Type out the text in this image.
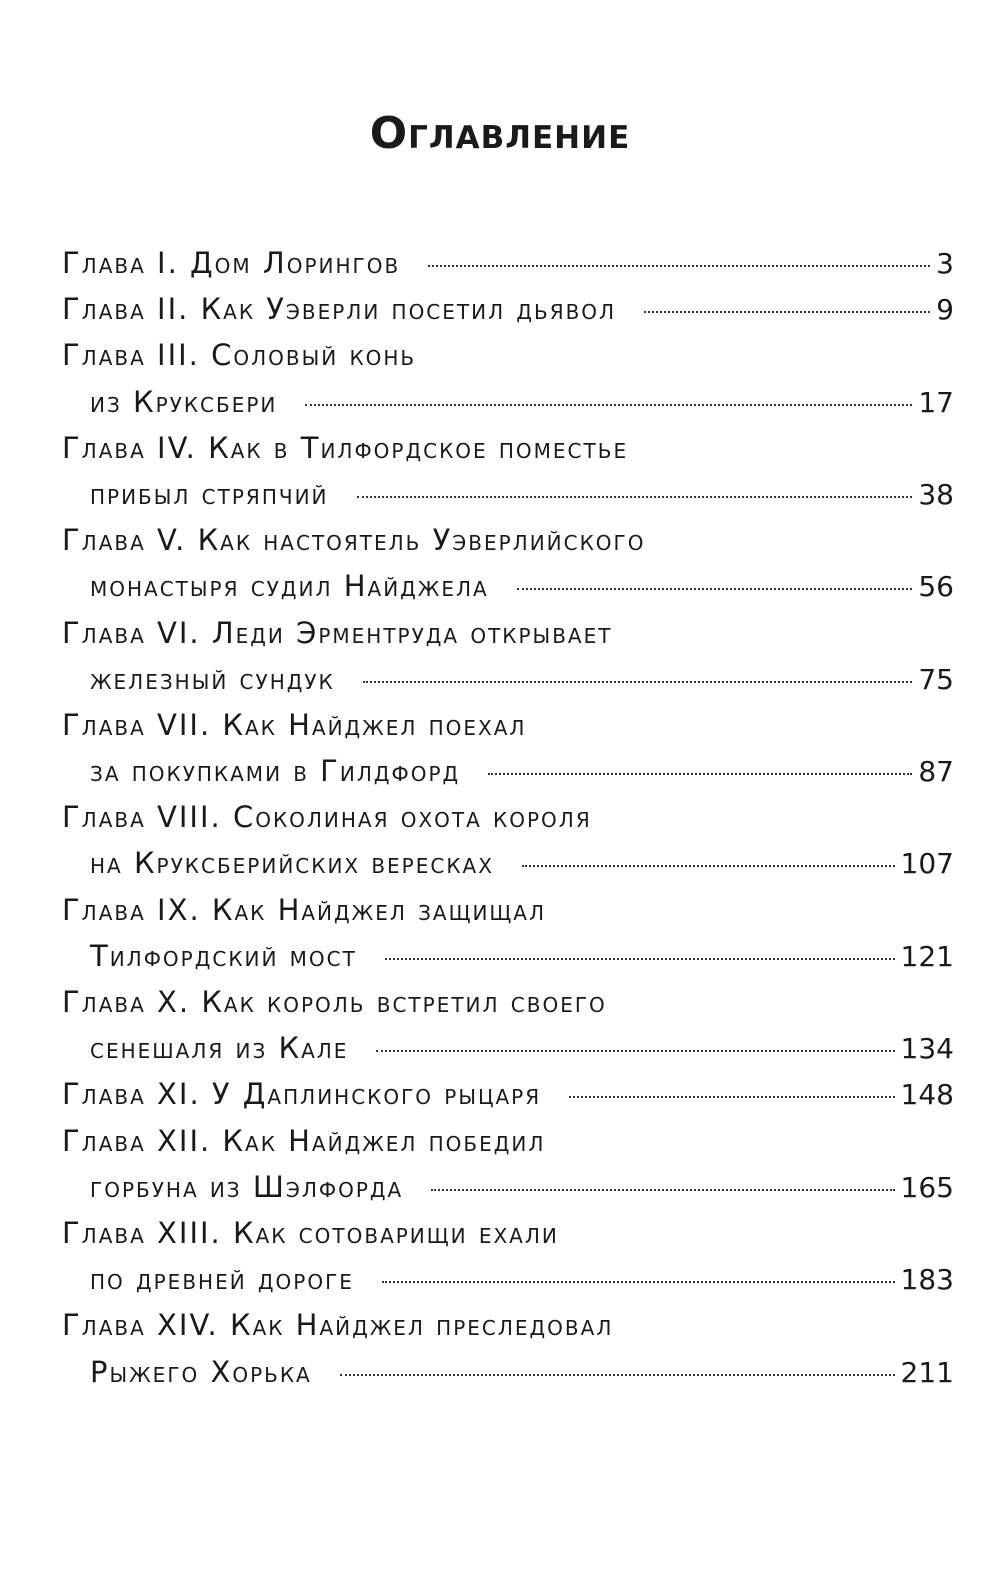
Оглавление
Глава I. Дом Лорингов	3
Глава II. Как Уэверли посетил дьявол	9
Глава III. Соловый конь
из Круксбери	17
Глава IV. Как в Тилфордское поместье
прибыл стряпчий	38
Глава V. Как настоятель Уэверлийского
монастыря судил Найджела	56
Глава VI. Леди Эрментруда открывает
железный сундук	75
Глава VII. Как Найджел поехал
за покупками в Гилдфорд	87
Глава VIII. Соколиная охота короля
на Круксберийских вересках	107
Глава IX. Как Найджел защищал
Тилфордский мост	121
Глава X. Как король встретил своего
сенешаля из Кале	134
Глава XI. У Даплинского рыцаря	148
Глава XII. Как Найджел победил
горбуна из Шэлфорда	165
Глава XIII. Как сотоварищи ехали
по древней дороге	183
Глава XIV. Как Найджел преследовал
Рыжего Хорька	211
